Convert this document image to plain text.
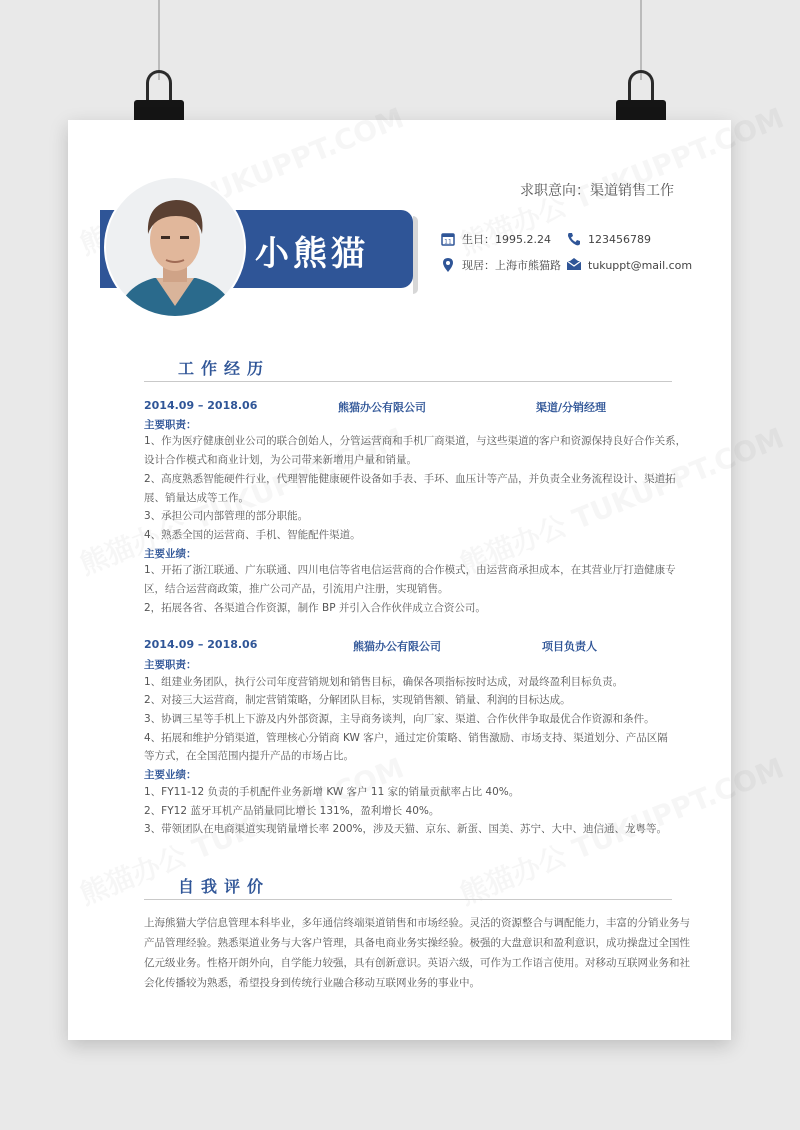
求职意向：渠道销售工作
小熊猫	11 生日：1995.2.24	123456789
现居：上海市熊猫路 tukuppt@mail.com
工作经历
2014.09 – 2018.06	熊猫办公有限公司	渠道/分销经理
主要职责：
1、作为医疗健康创业公司的联合创始人，分管运营商和手机厂商渠道，与这些渠道的客户和资源保持良好合作关系，
设计合作模式和商业计划，为公司带来新增用户量和销量。
2、高度熟悉智能硬件行业，代理智能健康硬件设备如手表、手环、血压计等产品，并负责全业务流程设计、渠道拓
展、销量达成等工作。
3、承担公司内部管理的部分职能。
4、熟悉全国的运营商、手机、智能配件渠道。
主要业绩：
1、开拓了浙江联通、广东联通、四川电信等省电信运营商的合作模式，由运营商承担成本，在其营业厅打造健康专
区，结合运营商政策，推广公司产品，引流用户注册，实现销售。
2，拓展各省、各渠道合作资源，制作 BP 并引入合作伙伴成立合资公司。
2014.09 – 2018.06	熊猫办公有限公司	项目负责人
主要职责：
1、组建业务团队，执行公司年度营销规划和销售目标，确保各项指标按时达成，对最终盈利目标负责。
2、对接三大运营商，制定营销策略，分解团队目标，实现销售额、销量、利润的目标达成。
3、协调三星等手机上下游及内外部资源，主导商务谈判，向厂家、渠道、合作伙伴争取最优合作资源和条件。
4、拓展和维护分销渠道，管理核心分销商 KW 客户，通过定价策略、销售激励、市场支持、渠道划分、产品区隔
等方式，在全国范围内提升产品的市场占比。
主要业绩：
1、FY11-12 负责的手机配件业务新增 KW 客户 11 家的销量贡献率占比 40%。
2、FY12 蓝牙耳机产品销量同比增长 131%，盈利增长 40%。
3、带领团队在电商渠道实现销量增长率 200%，涉及天猫、京东、新蛋、国美、苏宁、大中、迪信通、龙粤等。
自我评价
上海熊猫大学信息管理本科毕业，多年通信终端渠道销售和市场经验。灵活的资源整合与调配能力，丰富的分销业务与产品管理经验。熟悉渠道业务与大客户管理，具备电商业务实操经验。极强的大盘意识和盈利意识，成功操盘过全国性亿元级业务。性格开朗外向，自学能力较强，具有创新意识。英语六级，可作为工作语言使用。对移动互联网业务和社会化传播较为熟悉，希望投身到传统行业融合移动互联网业务的事业中。
